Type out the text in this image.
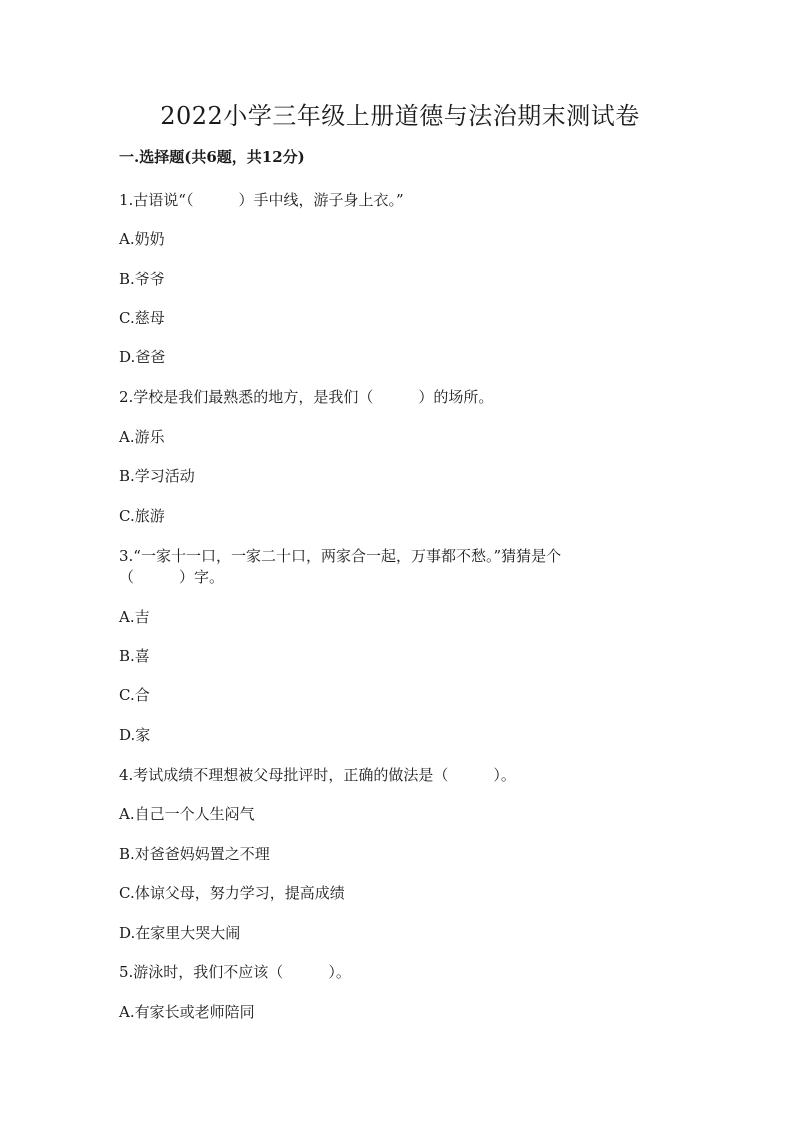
2022小学三年级上册道德与法治期末测试卷
一.选择题(共6题，共12分)

1.古语说“（　　　）手中线，游子身上衣。”

A.奶奶

B.爷爷

C.慈母

D.爸爸

2.学校是我们最熟悉的地方，是我们（　　　）的场所。

A.游乐

B.学习活动

C.旅游

3.“一家十一口，一家二十口，两家合一起，万事都不愁。”猜猜是个

（　　　）字。

A.吉

B.喜

C.合

D.家

4.考试成绩不理想被父母批评时，正确的做法是（　　　）。

A.自己一个人生闷气

B.对爸爸妈妈置之不理

C.体谅父母，努力学习，提高成绩

D.在家里大哭大闹

5.游泳时，我们不应该（　　　）。

A.有家长或老师陪同
